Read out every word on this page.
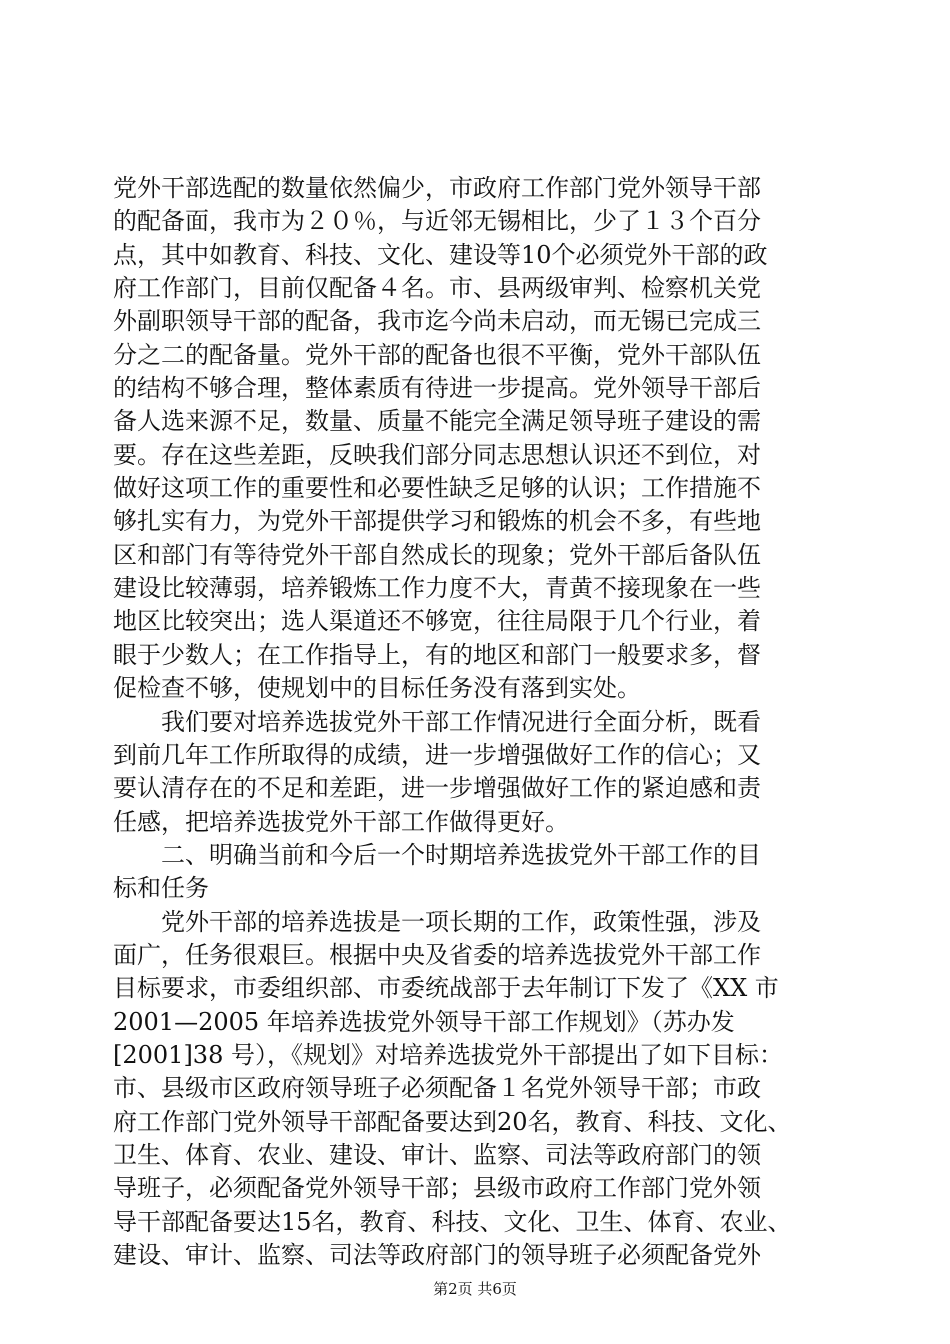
党外干部选配的数量依然偏少，市政府工作部门党外领导干部
的配备面，我市为２０％，与近邻无锡相比，少了１３个百分
点，其中如教育、科技、文化、建设等10个必须党外干部的政
府工作部门，目前仅配备４名。市、县两级审判、检察机关党
外副职领导干部的配备，我市迄今尚未启动，而无锡已完成三
分之二的配备量。党外干部的配备也很不平衡，党外干部队伍
的结构不够合理，整体素质有待进一步提高。党外领导干部后
备人选来源不足，数量、质量不能完全满足领导班子建设的需
要。存在这些差距，反映我们部分同志思想认识还不到位，对
做好这项工作的重要性和必要性缺乏足够的认识；工作措施不
够扎实有力，为党外干部提供学习和锻炼的机会不多，有些地
区和部门有等待党外干部自然成长的现象；党外干部后备队伍
建设比较薄弱，培养锻炼工作力度不大，青黄不接现象在一些
地区比较突出；选人渠道还不够宽，往往局限于几个行业，着
眼于少数人；在工作指导上，有的地区和部门一般要求多，督
促检查不够，使规划中的目标任务没有落到实处。
　　我们要对培养选拔党外干部工作情况进行全面分析，既看
到前几年工作所取得的成绩，进一步增强做好工作的信心；又
要认清存在的不足和差距，进一步增强做好工作的紧迫感和责
任感，把培养选拔党外干部工作做得更好。
　　二、明确当前和今后一个时期培养选拔党外干部工作的目
标和任务
　　党外干部的培养选拔是一项长期的工作，政策性强，涉及
面广，任务很艰巨。根据中央及省委的培养选拔党外干部工作
目标要求，市委组织部、市委统战部于去年制订下发了《XX 市
2001—2005 年培养选拔党外领导干部工作规划》（苏办发
[2001]38 号），《规划》对培养选拔党外干部提出了如下目标：
市、县级市区政府领导班子必须配备１名党外领导干部；市政
府工作部门党外领导干部配备要达到20名，教育、科技、文化、
卫生、体育、农业、建设、审计、监察、司法等政府部门的领
导班子，必须配备党外领导干部；县级市政府工作部门党外领
导干部配备要达15名，教育、科技、文化、卫生、体育、农业、
建设、审计、监察、司法等政府部门的领导班子必须配备党外
第2页 共6页
